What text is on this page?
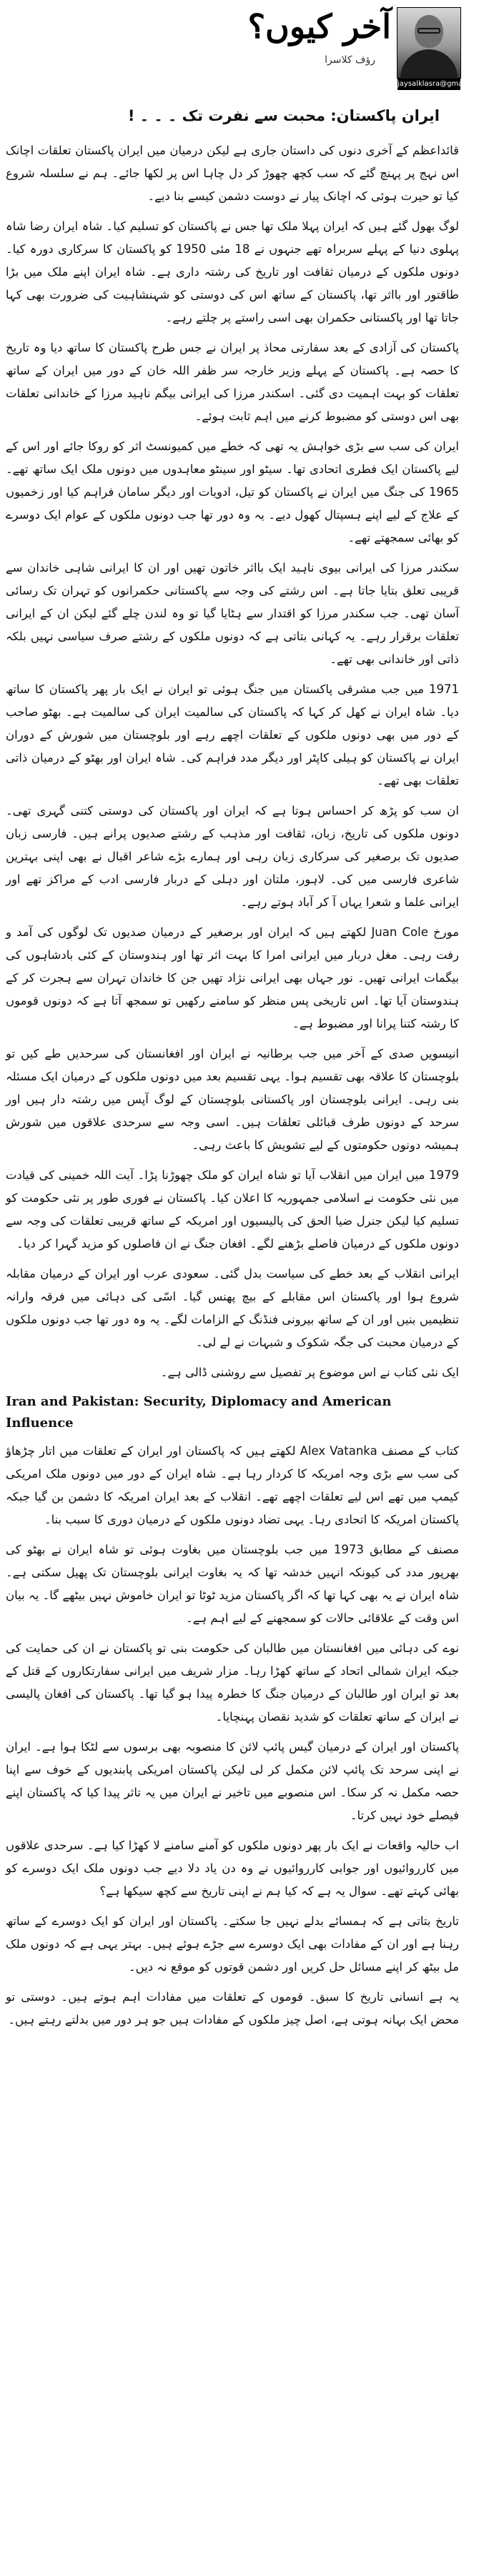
jaysalklasra@gmail.com
آخر کیوں؟
رؤف کلاسرا
ایران پاکستان: محبت سے نفرت تک ۔ ۔ ۔ !

قائداعظم کے آخری دنوں کی داستان جاری ہے لیکن درمیان میں ایران پاکستان تعلقات اچانک اس نہج پر پہنچ گئے کہ سب کچھ چھوڑ کر دل چاہا اس پر لکھا جائے۔ ہم نے سلسلہ شروع کیا تو حیرت ہوئی کہ اچانک پیار نے دوست دشمن کیسے بنا دیے۔

لوگ بھول گئے ہیں کہ ایران پہلا ملک تھا جس نے پاکستان کو تسلیم کیا۔ شاہ ایران رضا شاہ پہلوی دنیا کے پہلے سربراہ تھے جنہوں نے 18 مئی 1950 کو پاکستان کا سرکاری دورہ کیا۔ دونوں ملکوں کے درمیان ثقافت اور تاریخ کی رشتہ داری ہے۔ شاہ ایران اپنے ملک میں بڑا طاقتور اور بااثر تھا، پاکستان کے ساتھ اس کی دوستی کو شہنشاہیت کی ضرورت بھی کہا جاتا تھا اور پاکستانی حکمران بھی اسی راستے پر چلتے رہے۔

پاکستان کی آزادی کے بعد سفارتی محاذ پر ایران نے جس طرح پاکستان کا ساتھ دیا وہ تاریخ کا حصہ ہے۔ پاکستان کے پہلے وزیر خارجہ سر ظفر اللہ خان کے دور میں ایران کے ساتھ تعلقات کو بہت اہمیت دی گئی۔ اسکندر مرزا کی ایرانی بیگم ناہید مرزا کے خاندانی تعلقات بھی اس دوستی کو مضبوط کرنے میں اہم ثابت ہوئے۔

ایران کی سب سے بڑی خواہش یہ تھی کہ خطے میں کمیونسٹ اثر کو روکا جائے اور اس کے لیے پاکستان ایک فطری اتحادی تھا۔ سیٹو اور سینٹو معاہدوں میں دونوں ملک ایک ساتھ تھے۔ 1965 کی جنگ میں ایران نے پاکستان کو تیل، ادویات اور دیگر سامان فراہم کیا اور زخمیوں کے علاج کے لیے اپنے ہسپتال کھول دیے۔ یہ وہ دور تھا جب دونوں ملکوں کے عوام ایک دوسرے کو بھائی سمجھتے تھے۔

سکندر مرزا کی ایرانی بیوی ناہید ایک بااثر خاتون تھیں اور ان کا ایرانی شاہی خاندان سے قریبی تعلق بتایا جاتا ہے۔ اس رشتے کی وجہ سے پاکستانی حکمرانوں کو تہران تک رسائی آسان تھی۔ جب سکندر مرزا کو اقتدار سے ہٹایا گیا تو وہ لندن چلے گئے لیکن ان کے ایرانی تعلقات برقرار رہے۔ یہ کہانی بتاتی ہے کہ دونوں ملکوں کے رشتے صرف سیاسی نہیں بلکہ ذاتی اور خاندانی بھی تھے۔

1971 میں جب مشرقی پاکستان میں جنگ ہوئی تو ایران نے ایک بار پھر پاکستان کا ساتھ دیا۔ شاہ ایران نے کھل کر کہا کہ پاکستان کی سالمیت ایران کی سالمیت ہے۔ بھٹو صاحب کے دور میں بھی دونوں ملکوں کے تعلقات اچھے رہے اور بلوچستان میں شورش کے دوران ایران نے پاکستان کو ہیلی کاپٹر اور دیگر مدد فراہم کی۔ شاہ ایران اور بھٹو کے درمیان ذاتی تعلقات بھی تھے۔

ان سب کو پڑھ کر احساس ہوتا ہے کہ ایران اور پاکستان کی دوستی کتنی گہری تھی۔ دونوں ملکوں کی تاریخ، زبان، ثقافت اور مذہب کے رشتے صدیوں پرانے ہیں۔ فارسی زبان صدیوں تک برصغیر کی سرکاری زبان رہی اور ہمارے بڑے شاعر اقبال نے بھی اپنی بہترین شاعری فارسی میں کی۔ لاہور، ملتان اور دہلی کے دربار فارسی ادب کے مراکز تھے اور ایرانی علما و شعرا یہاں آ کر آباد ہوتے رہے۔

مورخ Juan Cole لکھتے ہیں کہ ایران اور برصغیر کے درمیان صدیوں تک لوگوں کی آمد و رفت رہی۔ مغل دربار میں ایرانی امرا کا بہت اثر تھا اور ہندوستان کے کئی بادشاہوں کی بیگمات ایرانی تھیں۔ نور جہاں بھی ایرانی نژاد تھیں جن کا خاندان تہران سے ہجرت کر کے ہندوستان آیا تھا۔ اس تاریخی پس منظر کو سامنے رکھیں تو سمجھ آتا ہے کہ دونوں قوموں کا رشتہ کتنا پرانا اور مضبوط ہے۔

انیسویں صدی کے آخر میں جب برطانیہ نے ایران اور افغانستان کی سرحدیں طے کیں تو بلوچستان کا علاقہ بھی تقسیم ہوا۔ یہی تقسیم بعد میں دونوں ملکوں کے درمیان ایک مسئلہ بنی رہی۔ ایرانی بلوچستان اور پاکستانی بلوچستان کے لوگ آپس میں رشتہ دار ہیں اور سرحد کے دونوں طرف قبائلی تعلقات ہیں۔ اسی وجہ سے سرحدی علاقوں میں شورش ہمیشہ دونوں حکومتوں کے لیے تشویش کا باعث رہی۔

1979 میں ایران میں انقلاب آیا تو شاہ ایران کو ملک چھوڑنا پڑا۔ آیت اللہ خمینی کی قیادت میں نئی حکومت نے اسلامی جمہوریہ کا اعلان کیا۔ پاکستان نے فوری طور پر نئی حکومت کو تسلیم کیا لیکن جنرل ضیا الحق کی پالیسیوں اور امریکہ کے ساتھ قریبی تعلقات کی وجہ سے دونوں ملکوں کے درمیان فاصلے بڑھنے لگے۔ افغان جنگ نے ان فاصلوں کو مزید گہرا کر دیا۔

ایرانی انقلاب کے بعد خطے کی سیاست بدل گئی۔ سعودی عرب اور ایران کے درمیان مقابلہ شروع ہوا اور پاکستان اس مقابلے کے بیچ پھنس گیا۔ اسّی کی دہائی میں فرقہ وارانہ تنظیمیں بنیں اور ان کے ساتھ بیرونی فنڈنگ کے الزامات لگے۔ یہ وہ دور تھا جب دونوں ملکوں کے درمیان محبت کی جگہ شکوک و شبہات نے لے لی۔

ایک نئی کتاب نے اس موضوع پر تفصیل سے روشنی ڈالی ہے۔

Iran and Pakistan: Security, Diplomacy and American Influence

کتاب کے مصنف Alex Vatanka لکھتے ہیں کہ پاکستان اور ایران کے تعلقات میں اتار چڑھاؤ کی سب سے بڑی وجہ امریکہ کا کردار رہا ہے۔ شاہ ایران کے دور میں دونوں ملک امریکی کیمپ میں تھے اس لیے تعلقات اچھے تھے۔ انقلاب کے بعد ایران امریکہ کا دشمن بن گیا جبکہ پاکستان امریکہ کا اتحادی رہا۔ یہی تضاد دونوں ملکوں کے درمیان دوری کا سبب بنا۔

مصنف کے مطابق 1973 میں جب بلوچستان میں بغاوت ہوئی تو شاہ ایران نے بھٹو کی بھرپور مدد کی کیونکہ انہیں خدشہ تھا کہ یہ بغاوت ایرانی بلوچستان تک پھیل سکتی ہے۔ شاہ ایران نے یہ بھی کہا تھا کہ اگر پاکستان مزید ٹوٹا تو ایران خاموش نہیں بیٹھے گا۔ یہ بیان اس وقت کے علاقائی حالات کو سمجھنے کے لیے اہم ہے۔

نوے کی دہائی میں افغانستان میں طالبان کی حکومت بنی تو پاکستان نے ان کی حمایت کی جبکہ ایران شمالی اتحاد کے ساتھ کھڑا رہا۔ مزار شریف میں ایرانی سفارتکاروں کے قتل کے بعد تو ایران اور طالبان کے درمیان جنگ کا خطرہ پیدا ہو گیا تھا۔ پاکستان کی افغان پالیسی نے ایران کے ساتھ تعلقات کو شدید نقصان پہنچایا۔

پاکستان اور ایران کے درمیان گیس پائپ لائن کا منصوبہ بھی برسوں سے لٹکا ہوا ہے۔ ایران نے اپنی سرحد تک پائپ لائن مکمل کر لی لیکن پاکستان امریکی پابندیوں کے خوف سے اپنا حصہ مکمل نہ کر سکا۔ اس منصوبے میں تاخیر نے ایران میں یہ تاثر پیدا کیا کہ پاکستان اپنے فیصلے خود نہیں کرتا۔

اب حالیہ واقعات نے ایک بار پھر دونوں ملکوں کو آمنے سامنے لا کھڑا کیا ہے۔ سرحدی علاقوں میں کارروائیوں اور جوابی کارروائیوں نے وہ دن یاد دلا دیے جب دونوں ملک ایک دوسرے کو بھائی کہتے تھے۔ سوال یہ ہے کہ کیا ہم نے اپنی تاریخ سے کچھ سیکھا ہے؟

تاریخ بتاتی ہے کہ ہمسائے بدلے نہیں جا سکتے۔ پاکستان اور ایران کو ایک دوسرے کے ساتھ رہنا ہے اور ان کے مفادات بھی ایک دوسرے سے جڑے ہوئے ہیں۔ بہتر یہی ہے کہ دونوں ملک مل بیٹھ کر اپنے مسائل حل کریں اور دشمن قوتوں کو موقع نہ دیں۔

یہ ہے انسانی تاریخ کا سبق۔ قوموں کے تعلقات میں مفادات اہم ہوتے ہیں۔ دوستی تو محض ایک بہانہ ہوتی ہے، اصل چیز ملکوں کے مفادات ہیں جو ہر دور میں بدلتے رہتے ہیں۔
